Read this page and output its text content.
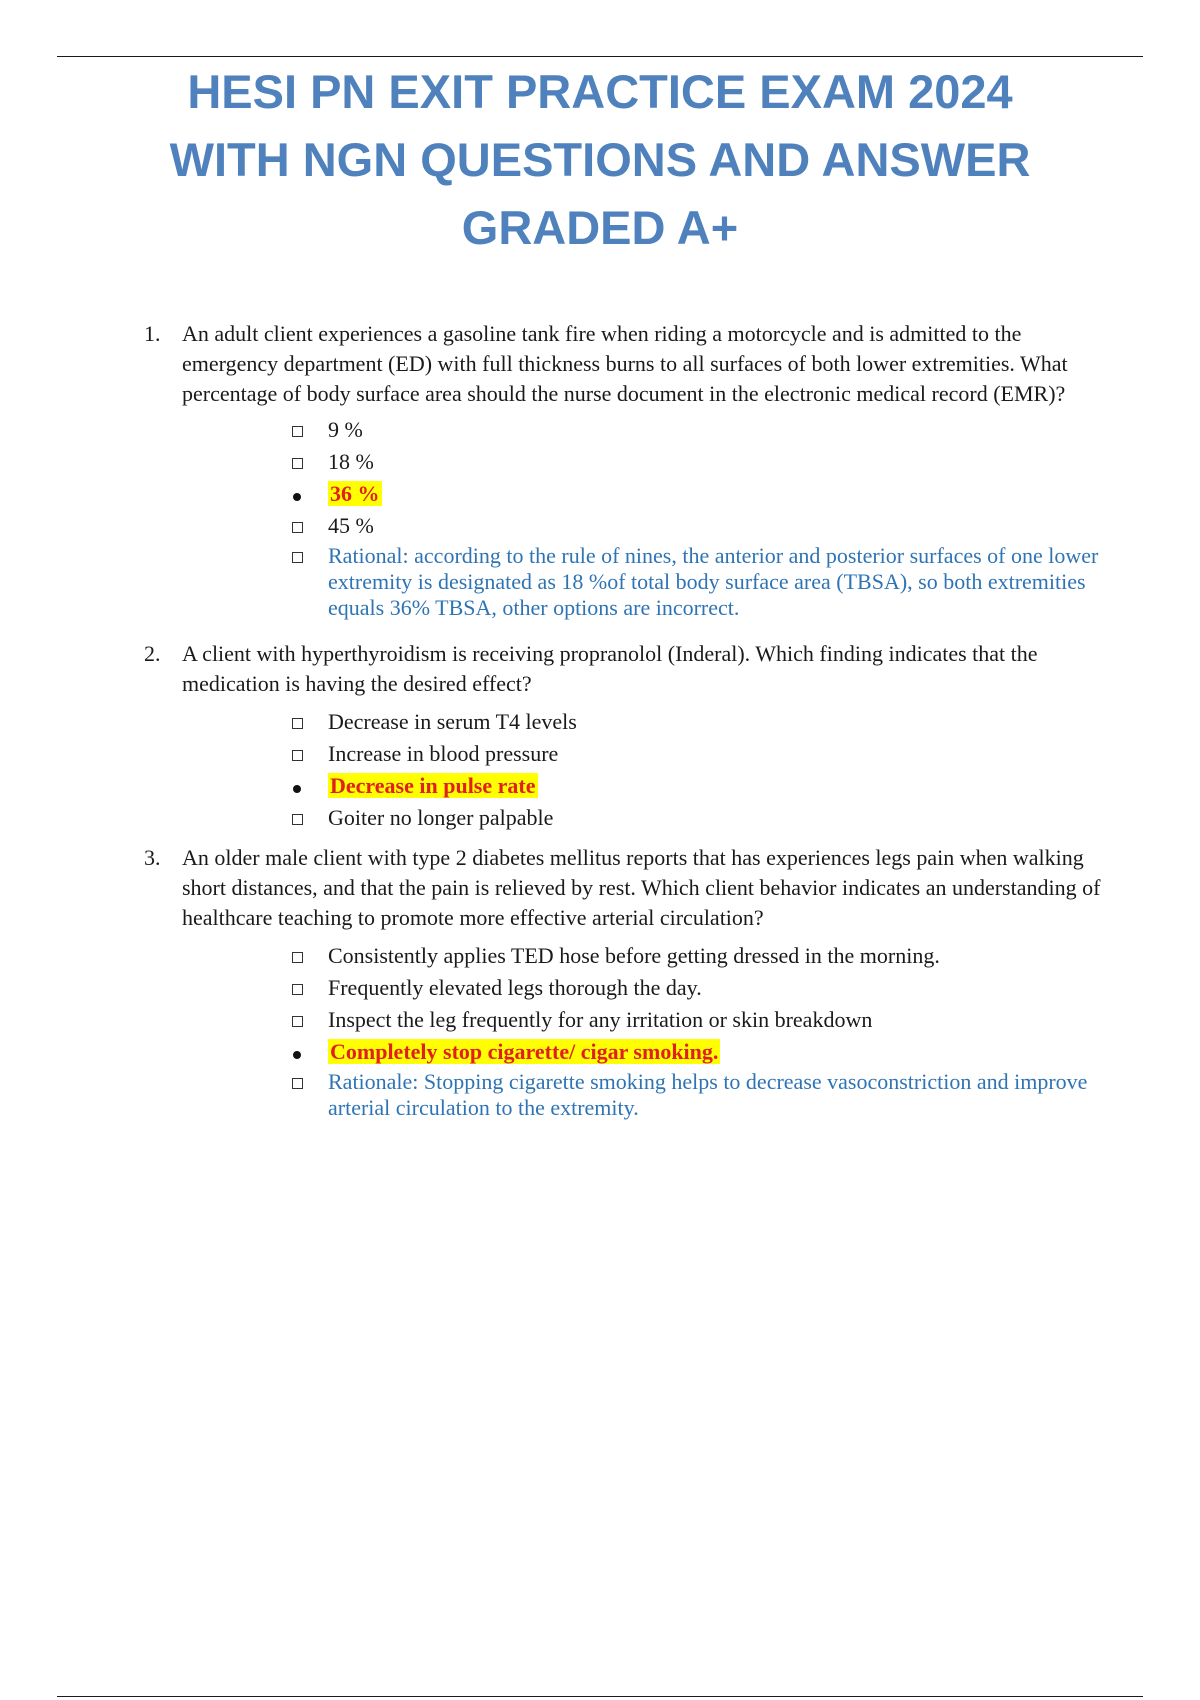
HESI PN EXIT PRACTICE EXAM 2024
WITH NGN QUESTIONS AND ANSWER
GRADED A+
1. An adult client experiences a gasoline tank fire when riding a motorcycle and is admitted to the emergency department (ED) with full thickness burns to all surfaces of both lower extremities. What percentage of body surface area should the nurse document in the electronic medical record (EMR)?
9 %
18 %
36 %
45 %
Rational: according to the rule of nines, the anterior and posterior surfaces of one lower extremity is designated as 18 %of total body surface area (TBSA), so both extremities equals 36% TBSA, other options are incorrect.
2. A client with hyperthyroidism is receiving propranolol (Inderal). Which finding indicates that the medication is having the desired effect?
Decrease in serum T4 levels
Increase in blood pressure
Decrease in pulse rate
Goiter no longer palpable
3. An older male client with type 2 diabetes mellitus reports that has experiences legs pain when walking short distances, and that the pain is relieved by rest. Which client behavior indicates an understanding of healthcare teaching to promote more effective arterial circulation?
Consistently applies TED hose before getting dressed in the morning.
Frequently elevated legs thorough the day.
Inspect the leg frequently for any irritation or skin breakdown
Completely stop cigarette/ cigar smoking.
Rationale: Stopping cigarette smoking helps to decrease vasoconstriction and improve arterial circulation to the extremity.
